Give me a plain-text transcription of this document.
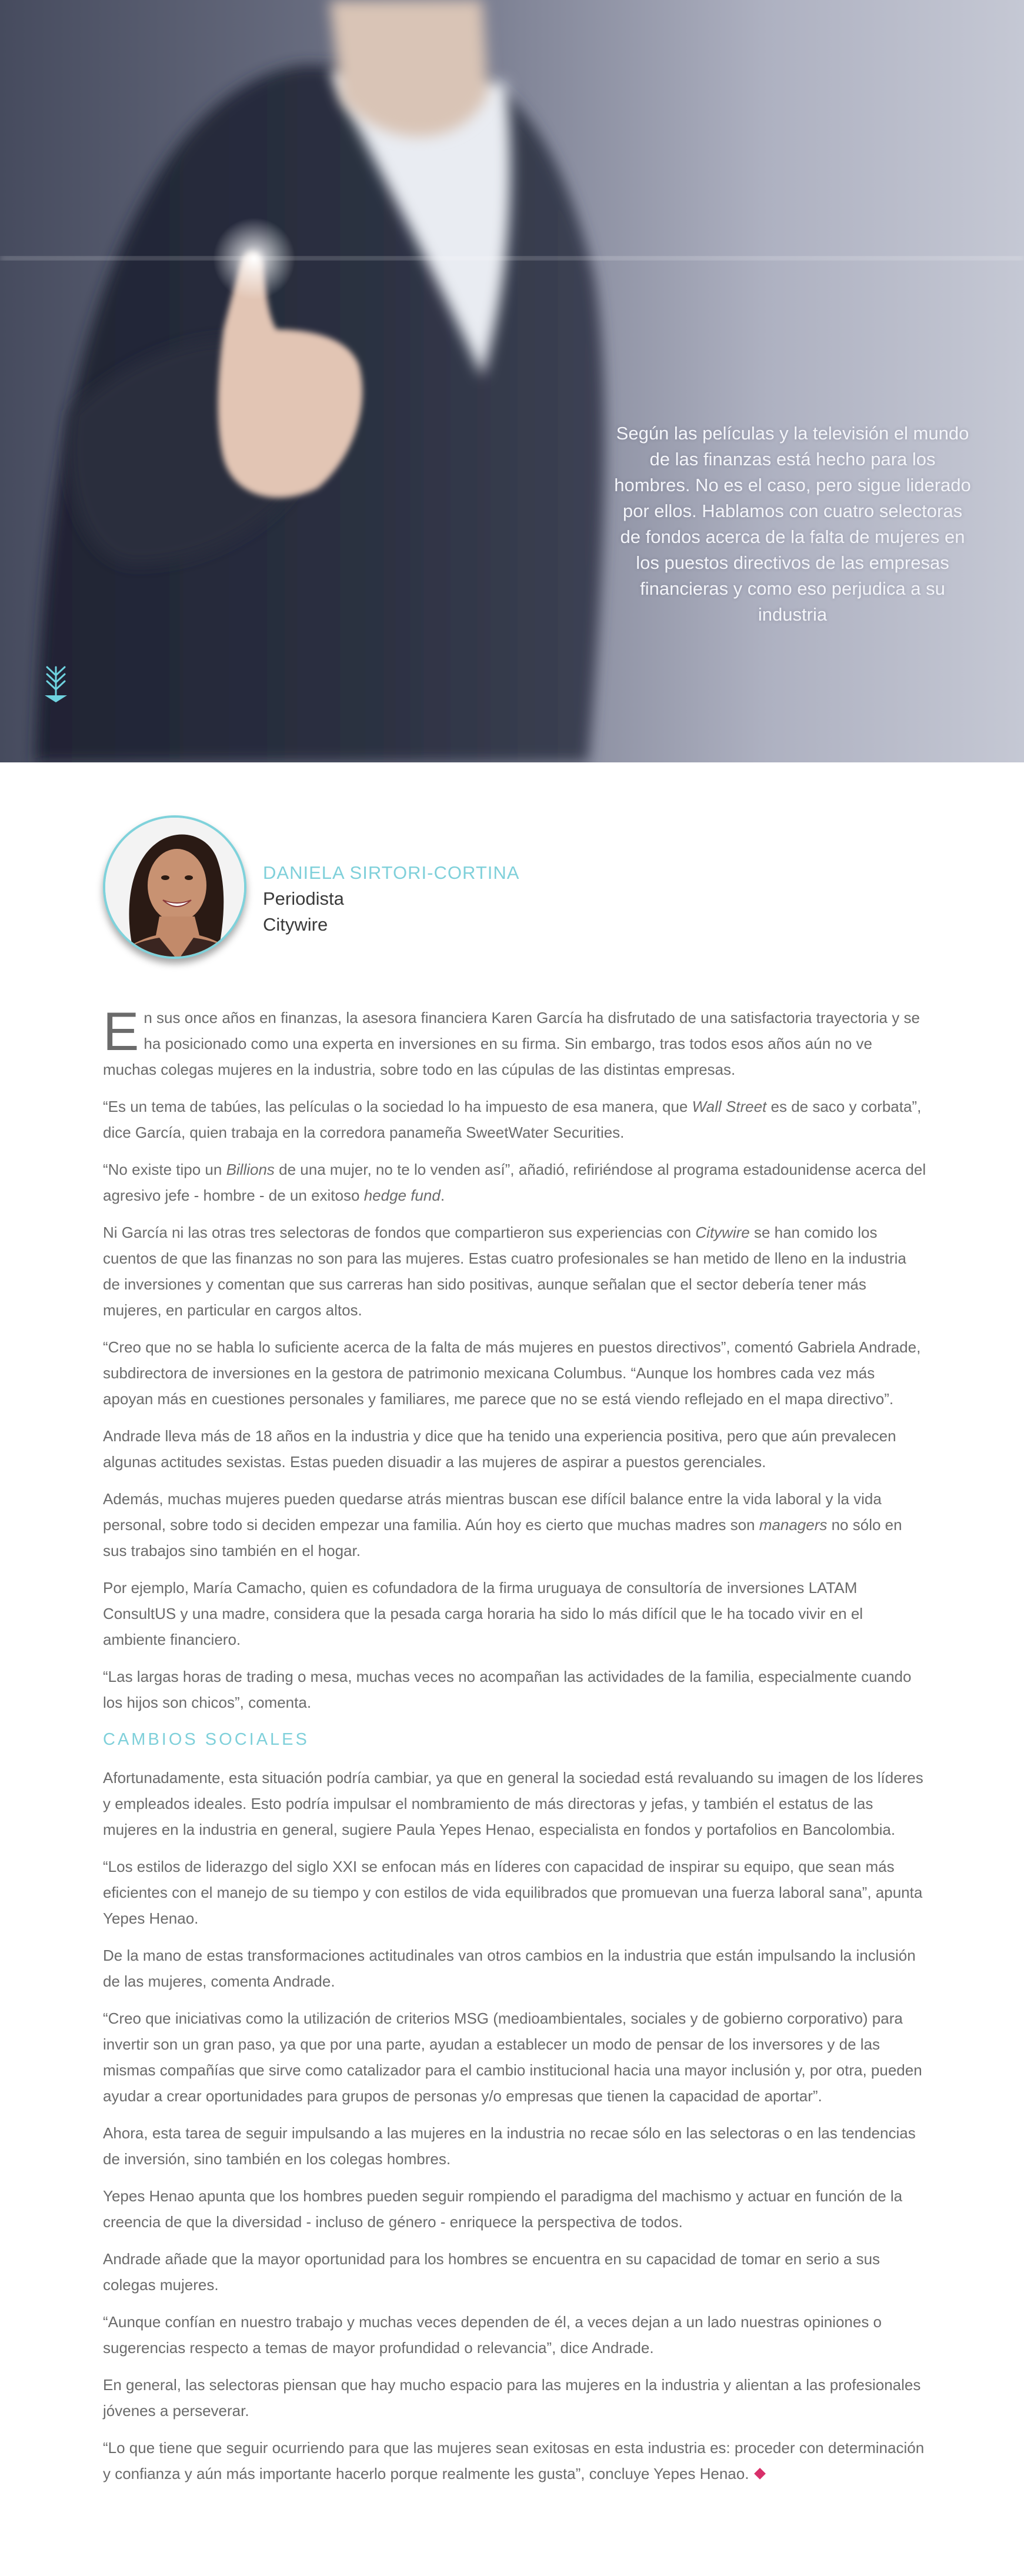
Según las películas y la televisión el mundo de las finanzas está hecho para los hombres. No es el caso, pero sigue liderado por ellos. Hablamos con cuatro selectoras de fondos acerca de la falta de mujeres en los puestos directivos de las empresas financieras y como eso perjudica a su industria
DANIELA SIRTORI-CORTINA
Periodista
Citywire

En sus once años en finanzas, la asesora financiera Karen García ha disfrutado de una satisfactoria trayectoria y se ha posicionado como una experta en inversiones en su firma. Sin embargo, tras todos esos años aún no ve muchas colegas mujeres en la industria, sobre todo en las cúpulas de las distintas empresas.

“Es un tema de tabúes, las películas o la sociedad lo ha impuesto de esa manera, que Wall Street es de saco y corbata”, dice García, quien trabaja en la corredora panameña SweetWater Securities.

“No existe tipo un Billions de una mujer, no te lo venden así”, añadió, refiriéndose al programa estadounidense acerca del agresivo jefe - hombre - de un exitoso hedge fund.

Ni García ni las otras tres selectoras de fondos que compartieron sus experiencias con Citywire se han comido los cuentos de que las finanzas no son para las mujeres. Estas cuatro profesionales se han metido de lleno en la industria de inversiones y comentan que sus carreras han sido positivas, aunque señalan que el sector debería tener más mujeres, en particular en cargos altos.

“Creo que no se habla lo suficiente acerca de la falta de más mujeres en puestos directivos”, comentó Gabriela Andrade, subdirectora de inversiones en la gestora de patrimonio mexicana Columbus. “Aunque los hombres cada vez más apoyan más en cuestiones personales y familiares, me parece que no se está viendo reflejado en el mapa directivo”.

Andrade lleva más de 18 años en la industria y dice que ha tenido una experiencia positiva, pero que aún prevalecen algunas actitudes sexistas. Estas pueden disuadir a las mujeres de aspirar a puestos gerenciales.

Además, muchas mujeres pueden quedarse atrás mientras buscan ese difícil balance entre la vida laboral y la vida personal, sobre todo si deciden empezar una familia. Aún hoy es cierto que muchas madres son managers no sólo en sus trabajos sino también en el hogar.

Por ejemplo, María Camacho, quien es cofundadora de la firma uruguaya de consultoría de inversiones LATAM ConsultUS y una madre, considera que la pesada carga horaria ha sido lo más difícil que le ha tocado vivir en el ambiente financiero.

“Las largas horas de trading o mesa, muchas veces no acompañan las actividades de la familia, especialmente cuando los hijos son chicos”, comenta.

CAMBIOS SOCIALES

Afortunadamente, esta situación podría cambiar, ya que en general la sociedad está revaluando su imagen de los líderes y empleados ideales. Esto podría impulsar el nombramiento de más directoras y jefas, y también el estatus de las mujeres en la industria en general, sugiere Paula Yepes Henao, especialista en fondos y portafolios en Bancolombia.

“Los estilos de liderazgo del siglo XXI se enfocan más en líderes con capacidad de inspirar su equipo, que sean más eficientes con el manejo de su tiempo y con estilos de vida equilibrados que promuevan una fuerza laboral sana”, apunta Yepes Henao.

De la mano de estas transformaciones actitudinales van otros cambios en la industria que están impulsando la inclusión de las mujeres, comenta Andrade.

“Creo que iniciativas como la utilización de criterios MSG (medioambientales, sociales y de gobierno corporativo) para invertir son un gran paso, ya que por una parte, ayudan a establecer un modo de pensar de los inversores y de las mismas compañías que sirve como catalizador para el cambio institucional hacia una mayor inclusión y, por otra, pueden ayudar a crear oportunidades para grupos de personas y/o empresas que tienen la capacidad de aportar”.

Ahora, esta tarea de seguir impulsando a las mujeres en la industria no recae sólo en las selectoras o en las tendencias de inversión, sino también en los colegas hombres.

Yepes Henao apunta que los hombres pueden seguir rompiendo el paradigma del machismo y actuar en función de la creencia de que la diversidad - incluso de género - enriquece la perspectiva de todos.

Andrade añade que la mayor oportunidad para los hombres se encuentra en su capacidad de tomar en serio a sus colegas mujeres.

“Aunque confían en nuestro trabajo y muchas veces dependen de él, a veces dejan a un lado nuestras opiniones o sugerencias respecto a temas de mayor profundidad o relevancia”, dice Andrade.

En general, las selectoras piensan que hay mucho espacio para las mujeres en la industria y alientan a las profesionales jóvenes a perseverar.

“Lo que tiene que seguir ocurriendo para que las mujeres sean exitosas en esta industria es: proceder con determinación y confianza y aún más importante hacerlo porque realmente les gusta”, concluye Yepes Henao.
